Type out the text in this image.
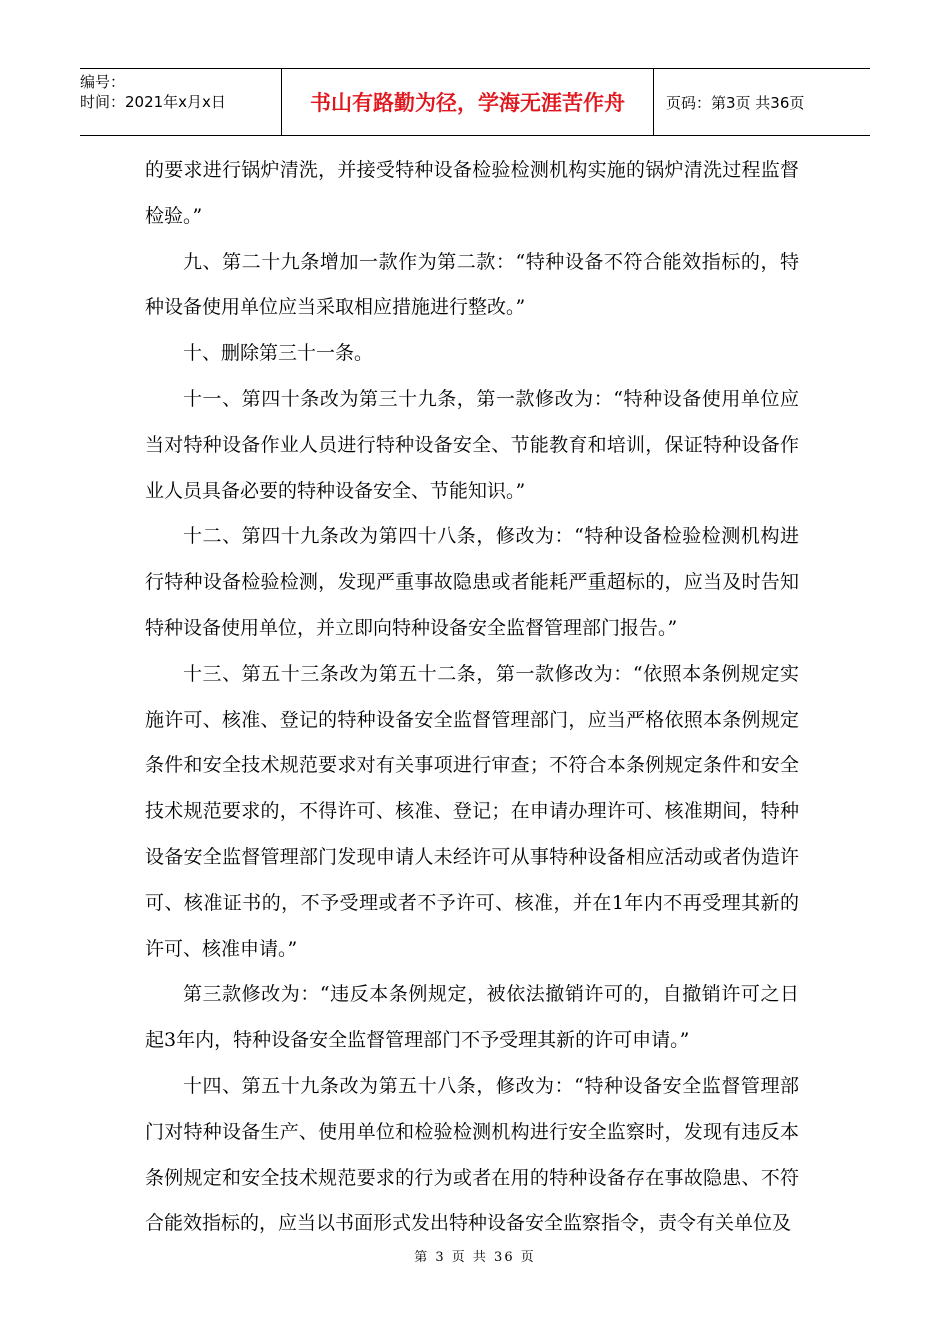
编号：
时间：2021年x月x日	书山有路勤为径，学海无涯苦作舟	页码：第3页 共36页

的要求进行锅炉清洗，并接受特种设备检验检测机构实施的锅炉清洗过程监督检验。”

九、第二十九条增加一款作为第二款：“特种设备不符合能效指标的，特种设备使用单位应当采取相应措施进行整改。”

十、删除第三十一条。

十一、第四十条改为第三十九条，第一款修改为：“特种设备使用单位应当对特种设备作业人员进行特种设备安全、节能教育和培训，保证特种设备作业人员具备必要的特种设备安全、节能知识。”

十二、第四十九条改为第四十八条，修改为：“特种设备检验检测机构进行特种设备检验检测，发现严重事故隐患或者能耗严重超标的，应当及时告知特种设备使用单位，并立即向特种设备安全监督管理部门报告。”

十三、第五十三条改为第五十二条，第一款修改为：“依照本条例规定实施许可、核准、登记的特种设备安全监督管理部门，应当严格依照本条例规定条件和安全技术规范要求对有关事项进行审查；不符合本条例规定条件和安全技术规范要求的，不得许可、核准、登记；在申请办理许可、核准期间，特种设备安全监督管理部门发现申请人未经许可从事特种设备相应活动或者伪造许可、核准证书的，不予受理或者不予许可、核准，并在1年内不再受理其新的许可、核准申请。”

第三款修改为：“违反本条例规定，被依法撤销许可的，自撤销许可之日起3年内，特种设备安全监督管理部门不予受理其新的许可申请。”

十四、第五十九条改为第五十八条，修改为：“特种设备安全监督管理部门对特种设备生产、使用单位和检验检测机构进行安全监察时，发现有违反本条例规定和安全技术规范要求的行为或者在用的特种设备存在事故隐患、不符合能效指标的，应当以书面形式发出特种设备安全监察指令，责令有关单位及

第 3 页 共 36 页
